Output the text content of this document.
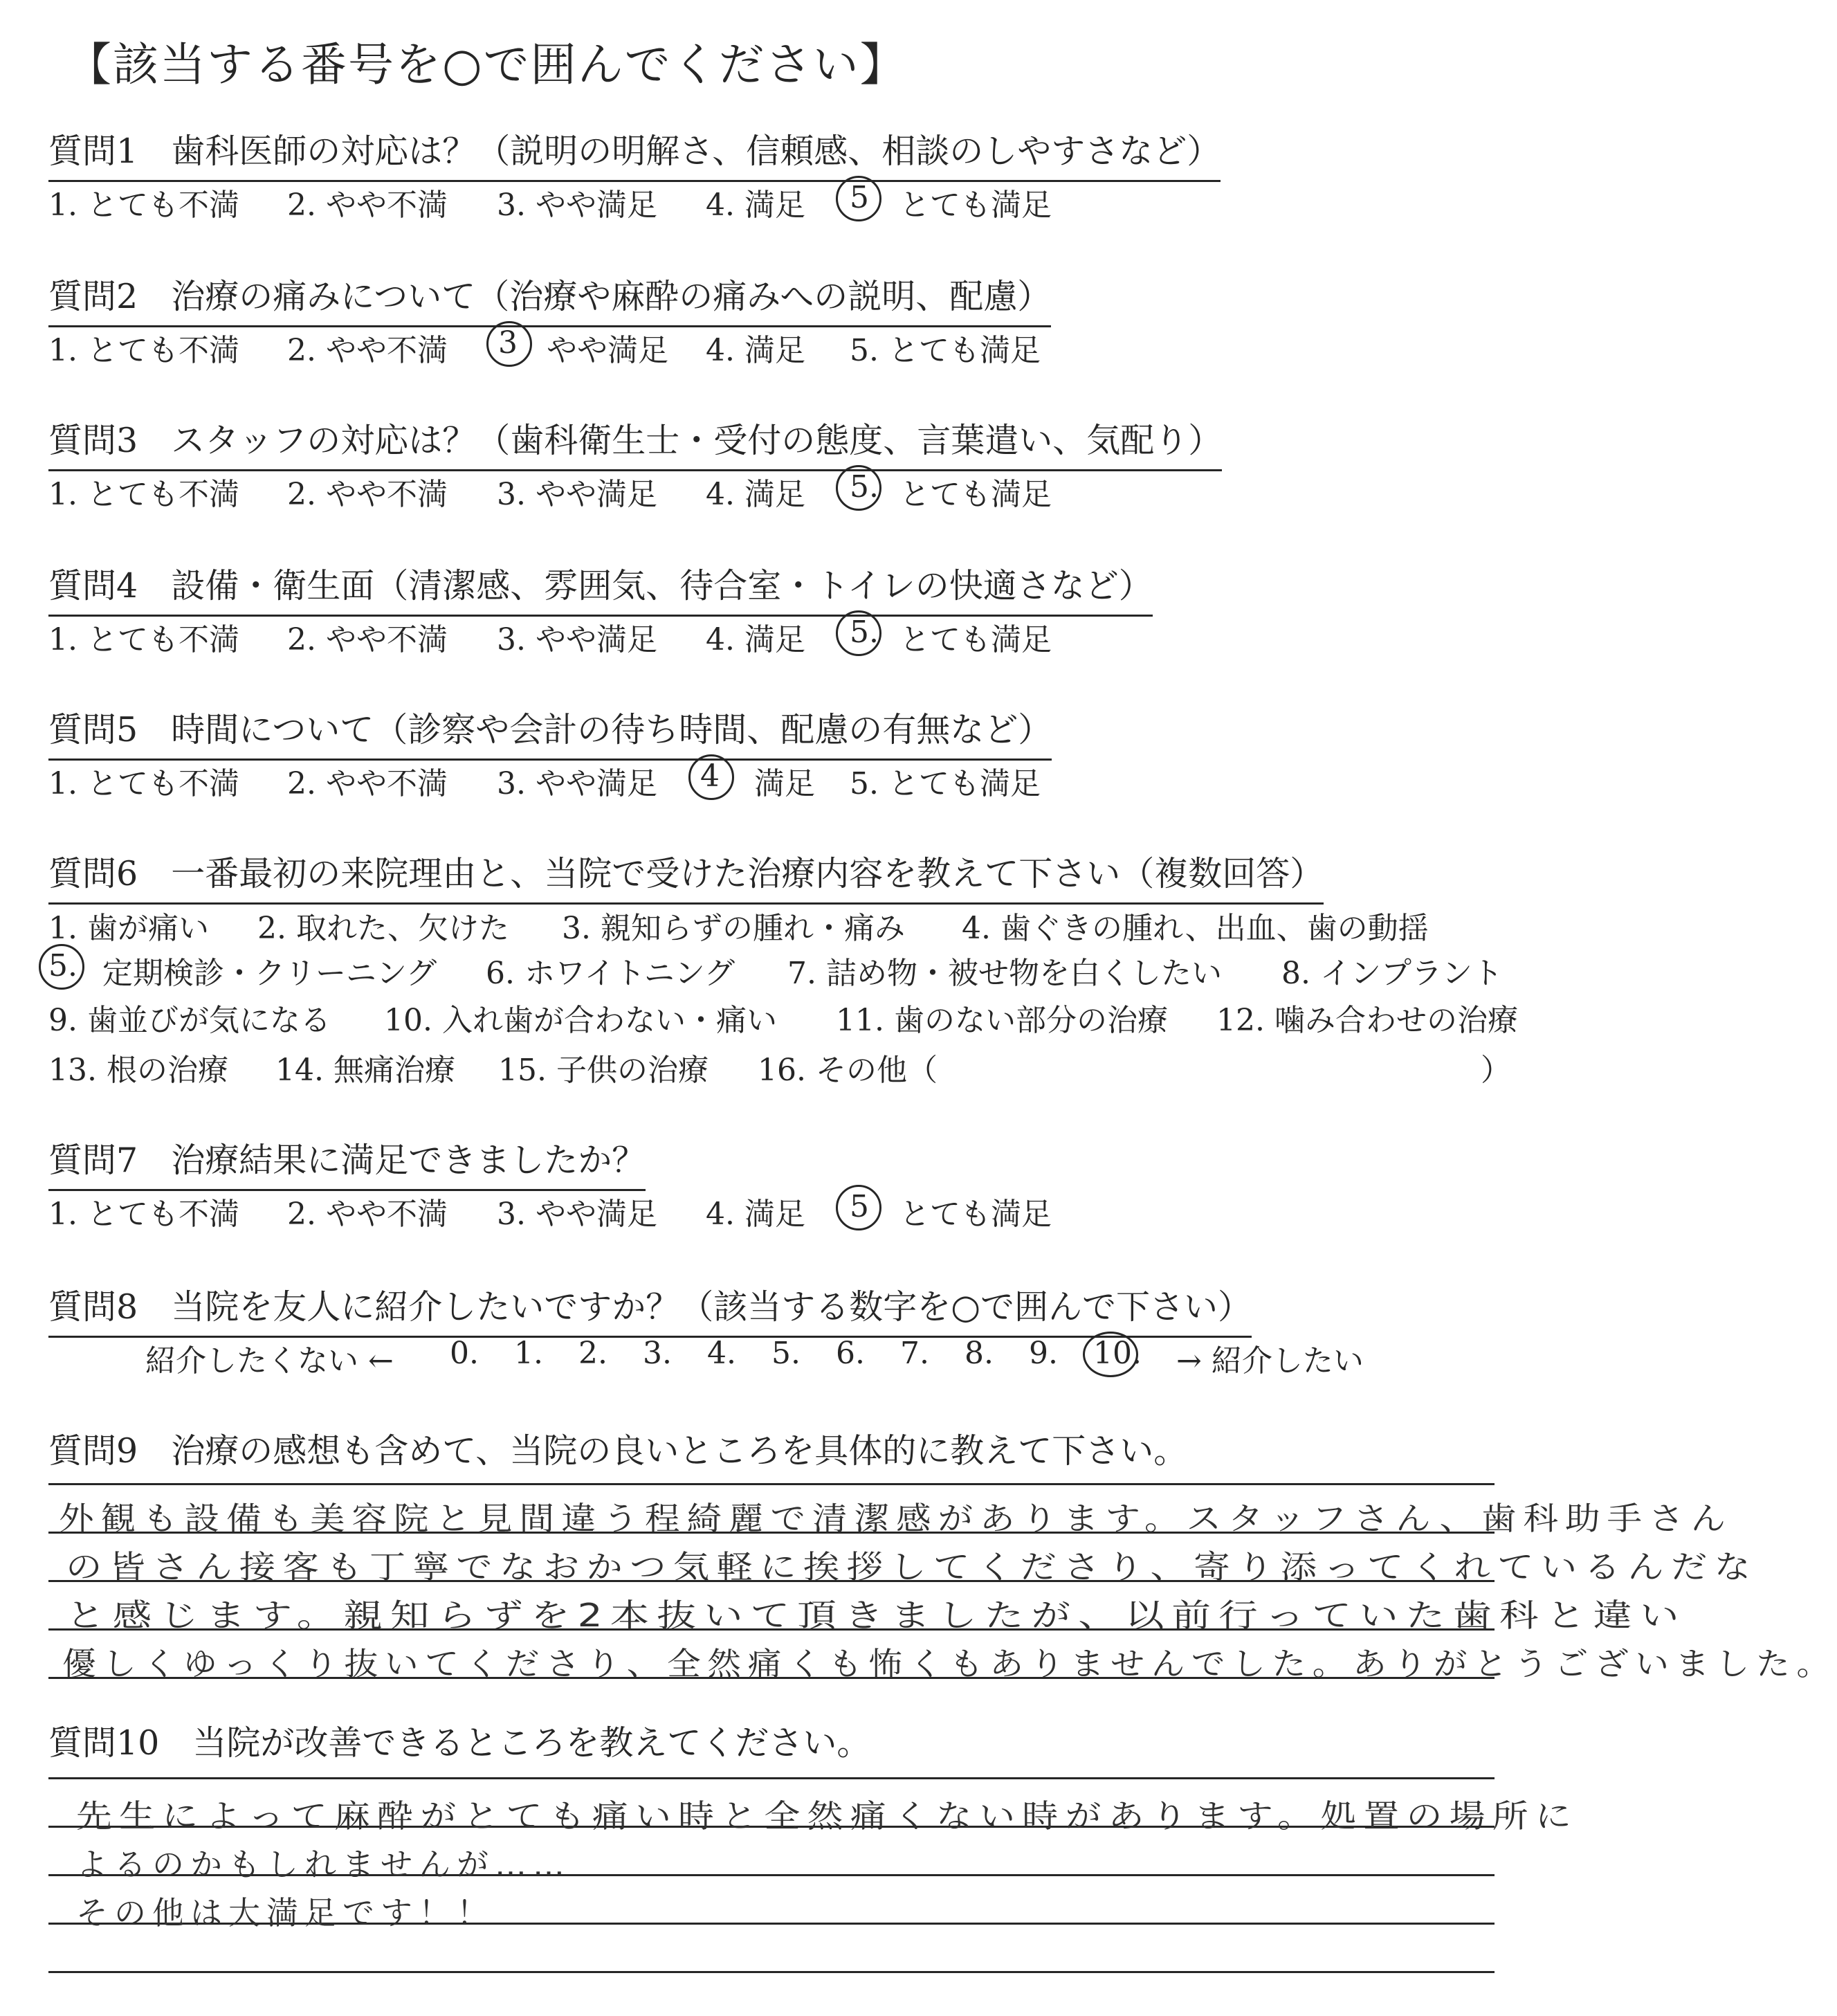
【該当する番号を○で囲んでください】
質問1 歯科医師の対応は？（説明の明解さ、信頼感、相談のしやすさなど）
1. とても不満 2. やや不満 3. やや満足 4. 満足 5 とても満足
質問2 治療の痛みについて（治療や麻酔の痛みへの説明、配慮）
1. とても不満 2. やや不満 3 やや満足 4. 満足 5. とても満足
質問3 スタッフの対応は？（歯科衛生士・受付の態度、言葉遣い、気配り）
1. とても不満 2. やや不満 3. やや満足 4. 満足 5. とても満足
質問4 設備・衛生面（清潔感、雰囲気、待合室・トイレの快適さなど）
1. とても不満 2. やや不満 3. やや満足 4. 満足 5. とても満足
質問5 時間について（診察や会計の待ち時間、配慮の有無など）
1. とても不満 2. やや不満 3. やや満足 4 満足 5. とても満足
質問6 一番最初の来院理由と、当院で受けた治療内容を教えて下さい（複数回答）
1. 歯が痛い 2. 取れた、欠けた 3. 親知らずの腫れ・痛み 4. 歯ぐきの腫れ、出血、歯の動揺
5. 定期検診・クリーニング 6. ホワイトニング 7. 詰め物・被せ物を白くしたい 8. インプラント
9. 歯並びが気になる 10. 入れ歯が合わない・痛い 11. 歯のない部分の治療 12. 噛み合わせの治療
13. 根の治療 14. 無痛治療 15. 子供の治療 16. その他（	）
質問7 治療結果に満足できましたか？
1. とても不満 2. やや不満 3. やや満足 4. 満足 5 とても満足
質問8 当院を友人に紹介したいですか？（該当する数字を○で囲んで下さい）
紹介したくない ← 0. 1. 2. 3. 4. 5. 6. 7. 8. 9. 10. → 紹介したい
質問9 治療の感想も含めて、当院の良いところを具体的に教えて下さい。
外観も設備も美容院と見間違う程綺麗で清潔感があります。スタッフさん、歯科助手さん
の皆さん接客も丁寧でなおかつ気軽に挨拶してくださり、寄り添ってくれているんだな
と感じます。親知らずを2本抜いて頂きましたが、以前行っていた歯科と違い
優しくゆっくり抜いてくださり、全然痛くも怖くもありませんでした。ありがとうございました。
質問10 当院が改善できるところを教えてください。
先生によって麻酔がとても痛い時と全然痛くない時があります。処置の場所に
よるのかもしれませんが……
その他は大満足です！！
